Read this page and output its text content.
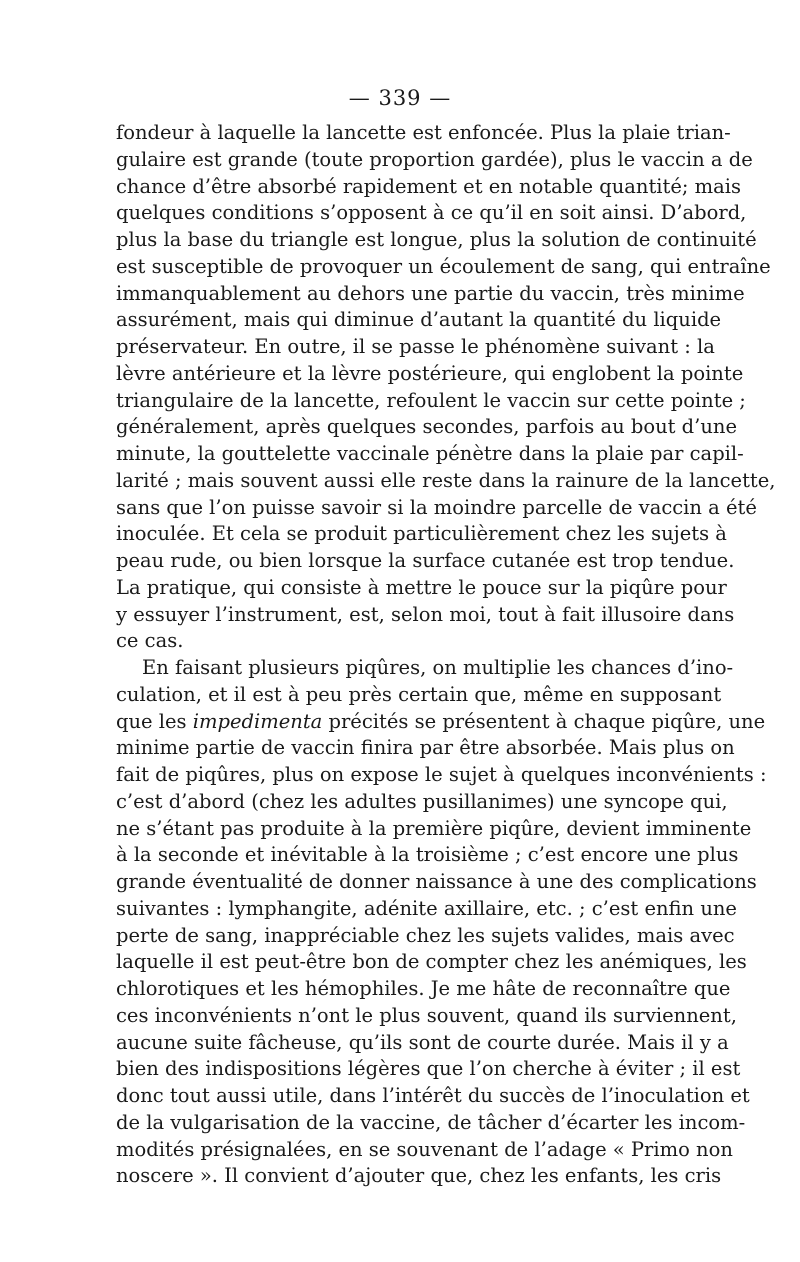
— 339 —
fondeur à laquelle la lancette est enfoncée. Plus la plaie trian-
gulaire est grande (toute proportion gardée), plus le vaccin a de
chance d’être absorbé rapidement et en notable quantité; mais
quelques conditions s’opposent à ce qu’il en soit ainsi. D’abord,
plus la base du triangle est longue, plus la solution de continuité
est susceptible de provoquer un écoulement de sang, qui entraîne
immanquablement au dehors une partie du vaccin, très minime
assurément, mais qui diminue d’autant la quantité du liquide
préservateur. En outre, il se passe le phénomène suivant : la
lèvre antérieure et la lèvre postérieure, qui englobent la pointe
triangulaire de la lancette, refoulent le vaccin sur cette pointe ;
généralement, après quelques secondes, parfois au bout d’une
minute, la gouttelette vaccinale pénètre dans la plaie par capil-
larité ; mais souvent aussi elle reste dans la rainure de la lancette,
sans que l’on puisse savoir si la moindre parcelle de vaccin a été
inoculée. Et cela se produit particulièrement chez les sujets à
peau rude, ou bien lorsque la surface cutanée est trop tendue.
La pratique, qui consiste à mettre le pouce sur la piqûre pour
y essuyer l’instrument, est, selon moi, tout à fait illusoire dans
ce cas.
En faisant plusieurs piqûres, on multiplie les chances d’ino-
culation, et il est à peu près certain que, même en supposant
que les impedimenta précités se présentent à chaque piqûre, une
minime partie de vaccin finira par être absorbée. Mais plus on
fait de piqûres, plus on expose le sujet à quelques inconvénients :
c’est d’abord (chez les adultes pusillanimes) une syncope qui,
ne s’étant pas produite à la première piqûre, devient imminente
à la seconde et inévitable à la troisième ; c’est encore une plus
grande éventualité de donner naissance à une des complications
suivantes : lymphangite, adénite axillaire, etc. ; c’est enfin une
perte de sang, inappréciable chez les sujets valides, mais avec
laquelle il est peut-être bon de compter chez les anémiques, les
chlorotiques et les hémophiles. Je me hâte de reconnaître que
ces inconvénients n’ont le plus souvent, quand ils surviennent,
aucune suite fâcheuse, qu’ils sont de courte durée. Mais il y a
bien des indispositions légères que l’on cherche à éviter ; il est
donc tout aussi utile, dans l’intérêt du succès de l’inoculation et
de la vulgarisation de la vaccine, de tâcher d’écarter les incom-
modités présignalées, en se souvenant de l’adage « Primo non
noscere ». Il convient d’ajouter que, chez les enfants, les cris
